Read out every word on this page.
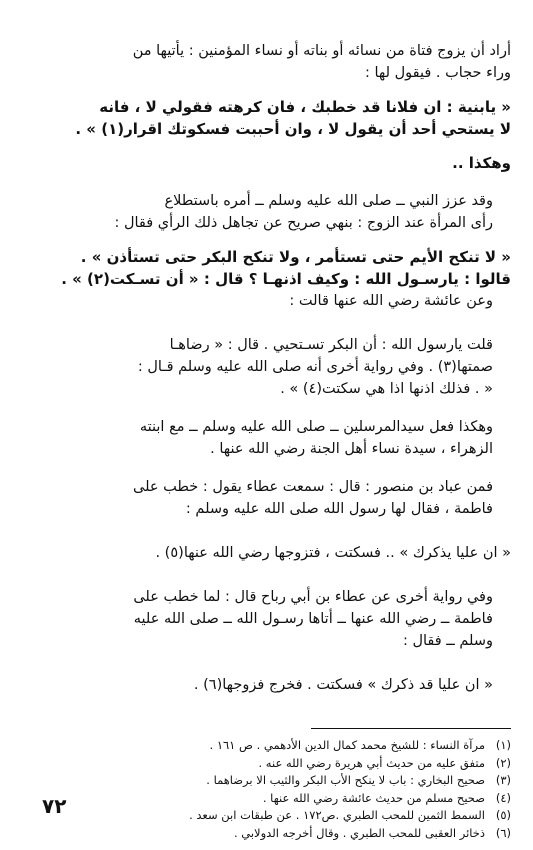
أراد أن يزوج فتاة من نسائه أو بناته أو نساء المؤمنين : يأتيها من
وراء حجاب . فيقول لها :

« يابنية : ان فلانا قد خطبك ، فان كرهته فقولي لا ، فانه
لا يستحي أحد أن يقول لا ، وان أحببت فسكوتك اقرار(١) » .

وهكذا ..

وقد عزز النبي ــ صلى الله عليه وسلم ــ أمره باستطلاع
رأى المرأة عند الزوج : بنهي صريح عن تجاهل ذلك الرأي فقال :

« لا تنكح الأيم حتى تستأمر ، ولا تنكح البكر حتى تستأذن » .
قالوا : يارسـول الله : وكيف اذنهـا ؟ قال : « أن تسـكت(٢) » .

وعن عائشة رضي الله عنها قالت :

قلت يارسول الله : أن البكر تسـتحيي . قال : « رضاهـا
صمتها(٣) . وفي رواية أخرى أنه صلى الله عليه وسلم قـال :
« . فذلك اذنها اذا هي سكتت(٤) » .

وهكذا فعل سيدالمرسلين ــ صلى الله عليه وسلم ــ مع ابنته
الزهراء ، سيدة نساء أهل الجنة رضي الله عنها .

فمن عباد بن منصور : قال : سمعت عطاء يقول : خطب على
فاطمة ، فقال لها رسول الله صلى الله عليه وسلم :

« ان عليا يذكرك » .. فسكتت ، فتزوجها رضي الله عنها(٥) .

وفي رواية أخرى عن عطاء بن أبي رباح قال : لما خطب على
فاطمة ــ رضي الله عنها ــ أتاها رسـول الله ــ صلى الله عليه
وسلم ــ فقال :

« ان عليا قد ذكرك » فسكتت . فخرج فزوجها(٦) .

(١)مرآة النساء : للشيخ محمد كمال الدين الأدهمي . ص ١٦١ .

(٢)متفق عليه من حديث أبي هريرة رضي الله عنه .

(٣)صحيح البخاري : باب لا ينكح الأب البكر والثيب الا برضاهما .

(٤)صحيح مسلم من حديث عائشة رضي الله عنها .

(٥)السمط الثمين للمحب الطبري .ص١٧٢ . عن طبقات ابن سعد .

(٦)ذخائر العقبى للمحب الطبري . وقال أخرجه الدولابي .

٧٢
